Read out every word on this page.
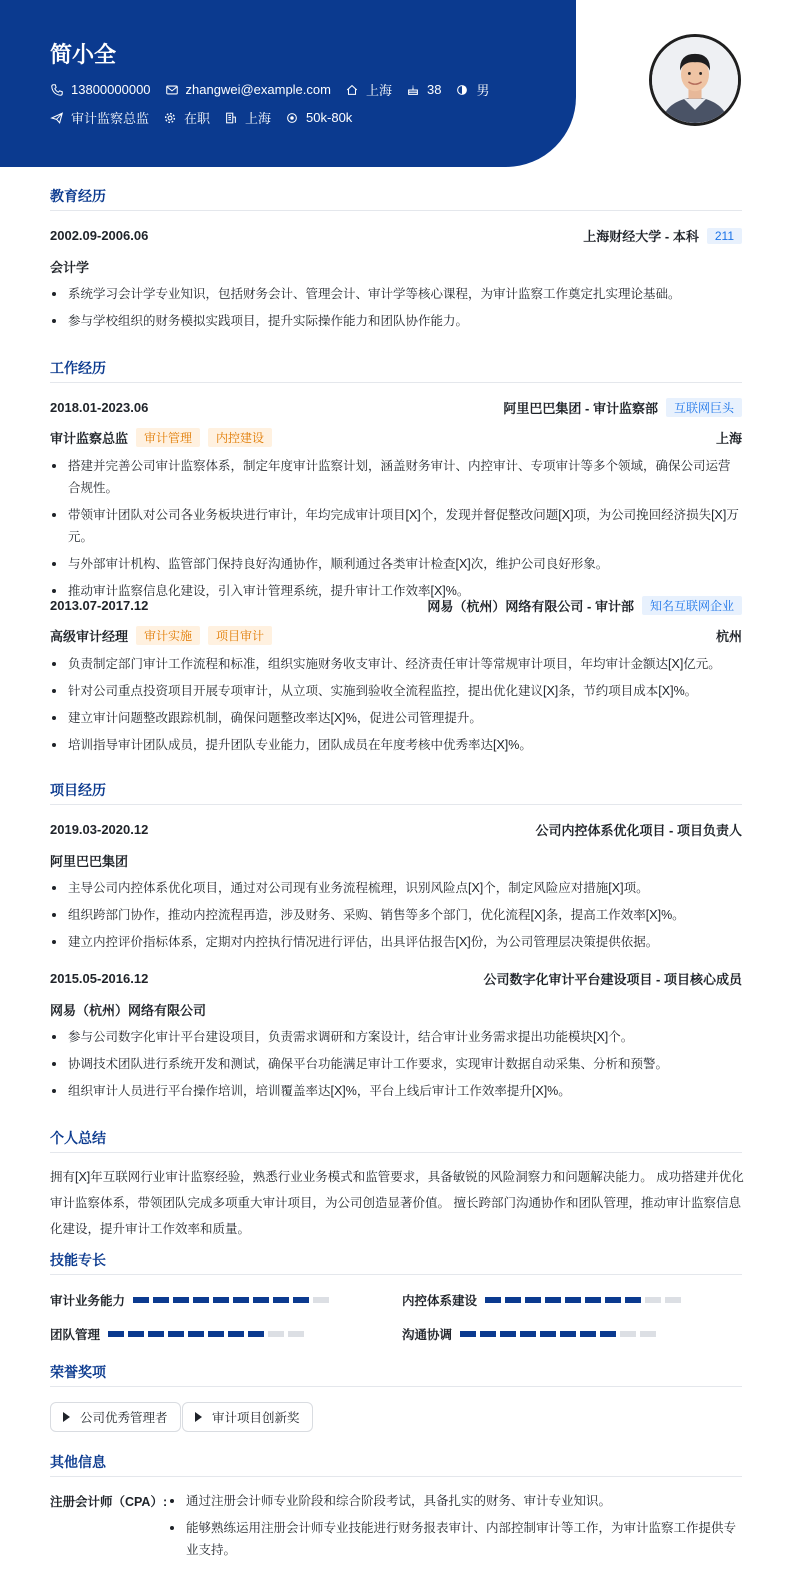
简小全
13800000000	zhangwei@example.com	上海	38	男
审计监察总监	在职	上海	50k-80k
教育经历
2002.09-2006.06	上海财经大学 - 本科	211
会计学
系统学习会计学专业知识，包括财务会计、管理会计、审计学等核心课程，为审计监察工作奠定扎实理论基础。
参与学校组织的财务模拟实践项目，提升实际操作能力和团队协作能力。
工作经历
2018.01-2023.06	阿里巴巴集团 - 审计监察部	互联网巨头
审计监察总监	审计管理	内控建设	上海
搭建并完善公司审计监察体系，制定年度审计监察计划，涵盖财务审计、内控审计、专项审计等多个领域，确保公司运营合规性。
带领审计团队对公司各业务板块进行审计，年均完成审计项目[X]个，发现并督促整改问题[X]项，为公司挽回经济损失[X]万元。
与外部审计机构、监管部门保持良好沟通协作，顺利通过各类审计检查[X]次，维护公司良好形象。
推动审计监察信息化建设，引入审计管理系统，提升审计工作效率[X]%。
2013.07-2017.12	网易（杭州）网络有限公司 - 审计部	知名互联网企业
高级审计经理	审计实施	项目审计	杭州
负责制定部门审计工作流程和标准，组织实施财务收支审计、经济责任审计等常规审计项目，年均审计金额达[X]亿元。
针对公司重点投资项目开展专项审计，从立项、实施到验收全流程监控，提出优化建议[X]条，节约项目成本[X]%。
建立审计问题整改跟踪机制，确保问题整改率达[X]%，促进公司管理提升。
培训指导审计团队成员，提升团队专业能力，团队成员在年度考核中优秀率达[X]%。
项目经历
2019.03-2020.12	公司内控体系优化项目 - 项目负责人
阿里巴巴集团
主导公司内控体系优化项目，通过对公司现有业务流程梳理，识别风险点[X]个，制定风险应对措施[X]项。
组织跨部门协作，推动内控流程再造，涉及财务、采购、销售等多个部门，优化流程[X]条，提高工作效率[X]%。
建立内控评价指标体系，定期对内控执行情况进行评估，出具评估报告[X]份，为公司管理层决策提供依据。
2015.05-2016.12	公司数字化审计平台建设项目 - 项目核心成员
网易（杭州）网络有限公司
参与公司数字化审计平台建设项目，负责需求调研和方案设计，结合审计业务需求提出功能模块[X]个。
协调技术团队进行系统开发和测试，确保平台功能满足审计工作要求，实现审计数据自动采集、分析和预警。
组织审计人员进行平台操作培训，培训覆盖率达[X]%，平台上线后审计工作效率提升[X]%。
个人总结
拥有[X]年互联网行业审计监察经验，熟悉行业业务模式和监管要求，具备敏锐的风险洞察力和问题解决能力。 成功搭建并优化审计监察体系，带领团队完成多项重大审计项目，为公司创造显著价值。 擅长跨部门沟通协作和团队管理，推动审计监察信息化建设，提升审计工作效率和质量。
技能专长
审计业务能力	内控体系建设
团队管理	沟通协调
荣誉奖项
公司优秀管理者	审计项目创新奖
其他信息
注册会计师（CPA）:	通过注册会计师专业阶段和综合阶段考试，具备扎实的财务、审计专业知识。
能够熟练运用注册会计师专业技能进行财务报表审计、内部控制审计等工作，为审计监察工作提供专业支持。
